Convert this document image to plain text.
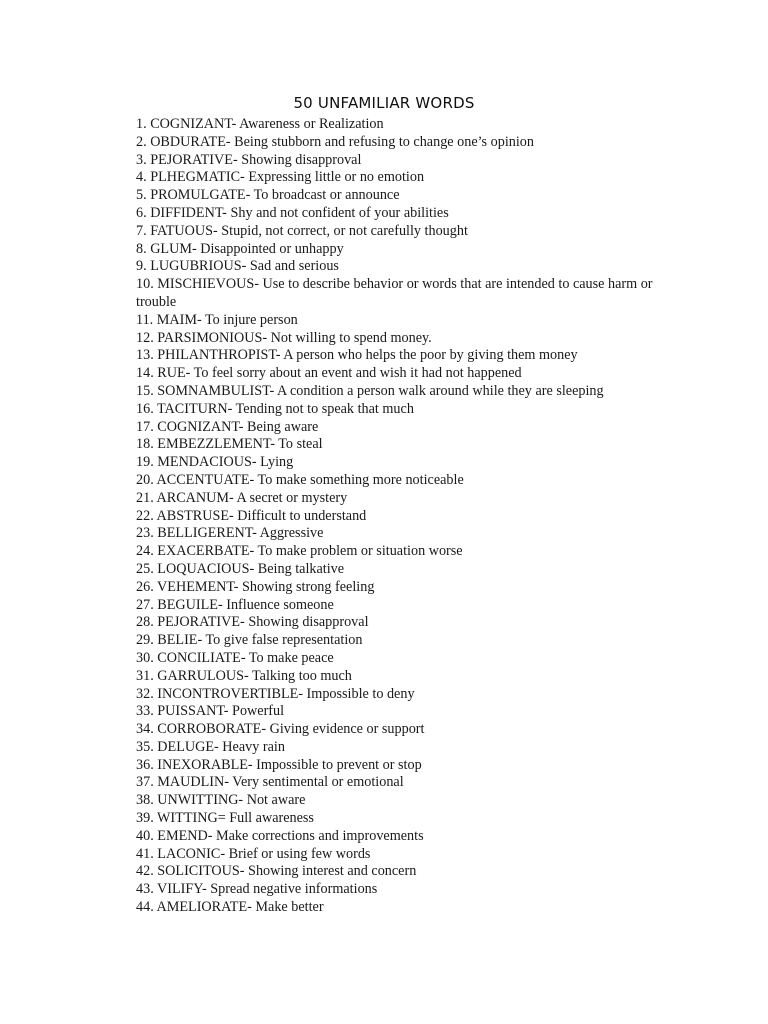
50 UNFAMILIAR WORDS
1. COGNIZANT- Awareness or Realization
2. OBDURATE- Being stubborn and refusing to change one’s opinion
3. PEJORATIVE- Showing disapproval
4. PLHEGMATIC- Expressing little or no emotion
5. PROMULGATE- To broadcast or announce
6. DIFFIDENT- Shy and not confident of your abilities
7. FATUOUS- Stupid, not correct, or not carefully thought
8. GLUM- Disappointed or unhappy
9. LUGUBRIOUS- Sad and serious
10. MISCHIEVOUS- Use to describe behavior or words that are intended to cause harm or trouble
11. MAIM- To injure person
12. PARSIMONIOUS- Not willing to spend money.
13. PHILANTHROPIST- A person who helps the poor by giving them money
14. RUE- To feel sorry about an event and wish it had not happened
15. SOMNAMBULIST- A condition a person walk around while they are sleeping
16. TACITURN- Tending not to speak that much
17. COGNIZANT- Being aware
18. EMBEZZLEMENT- To steal
19. MENDACIOUS- Lying
20. ACCENTUATE- To make something more noticeable
21. ARCANUM- A secret or mystery
22. ABSTRUSE- Difficult to understand
23. BELLIGERENT- Aggressive
24. EXACERBATE- To make problem or situation worse
25. LOQUACIOUS- Being talkative
26. VEHEMENT- Showing strong feeling
27. BEGUILE- Influence someone
28. PEJORATIVE- Showing disapproval
29. BELIE- To give false representation
30. CONCILIATE- To make peace
31. GARRULOUS- Talking too much
32. INCONTROVERTIBLE- Impossible to deny
33. PUISSANT- Powerful
34. CORROBORATE- Giving evidence or support
35. DELUGE- Heavy rain
36. INEXORABLE- Impossible to prevent or stop
37. MAUDLIN- Very sentimental or emotional
38. UNWITTING- Not aware
39. WITTING= Full awareness
40. EMEND- Make corrections and improvements
41. LACONIC- Brief or using few words
42. SOLICITOUS- Showing interest and concern
43. VILIFY- Spread negative informations
44. AMELIORATE- Make better
